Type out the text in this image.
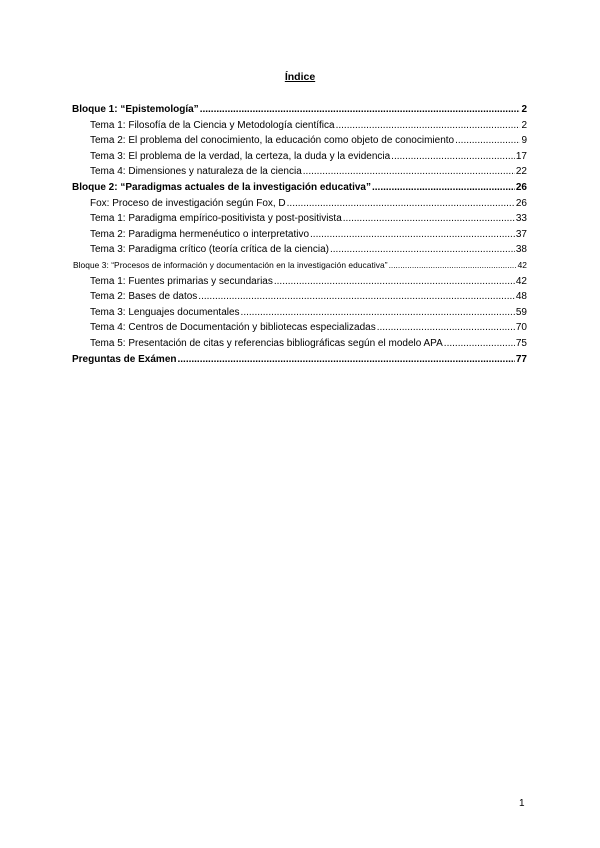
Índice
Bloque 1: “Epistemología” .....	2
Tema 1: Filosofía de la Ciencia y Metodología científica .....	2
Tema 2: El problema del conocimiento, la educación como objeto de conocimiento .....	9
Tema 3: El problema de la verdad, la certeza, la duda y la evidencia .....	17
Tema 4: Dimensiones y naturaleza de la ciencia .....	22
Bloque 2: “Paradigmas actuales de la investigación educativa” .....	26
Fox: Proceso de investigación según Fox, D .....	26
Tema 1: Paradigma empírico-positivista y post-positivista .....	33
Tema 2: Paradigma hermenéutico o interpretativo .....	37
Tema 3: Paradigma crítico (teoría crítica de la ciencia) .....	38
Bloque 3: “Procesos de información y documentación en la investigación educativa” .....	42
Tema 1: Fuentes primarias y secundarias .....	42
Tema 2: Bases de datos .....	48
Tema 3: Lenguajes documentales .....	59
Tema 4: Centros de Documentación y bibliotecas especializadas .....	70
Tema 5: Presentación de citas y referencias bibliográficas según el modelo APA .....	75
Preguntas de Exámen .....	77
1
